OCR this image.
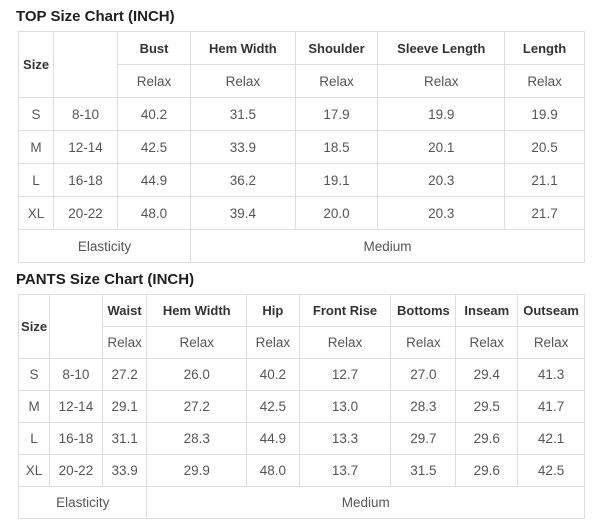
TOP Size Chart (INCH)
Size	UK Size	Bust	Hem Width	Shoulder	Sleeve Length	Length
		Relax	Relax	Relax	Relax	Relax
S	8-10	40.2	31.5	17.9	19.9	19.9
M	12-14	42.5	33.9	18.5	20.1	20.5
L	16-18	44.9	36.2	19.1	20.3	21.1
XL	20-22	48.0	39.4	20.0	20.3	21.7
Elasticity			Medium			
PANTS Size Chart (INCH)
Size	UK Size	Waist	Hem Width	Hip	Front Rise	Bottoms	Inseam	Outseam
		Relax	Relax	Relax	Relax	Relax	Relax	Relax
S	8-10	27.2	26.0	40.2	12.7	27.0	29.4	41.3
M	12-14	29.1	27.2	42.5	13.0	28.3	29.5	41.7
L	16-18	31.1	28.3	44.9	13.3	29.7	29.6	42.1
XL	20-22	33.9	29.9	48.0	13.7	31.5	29.6	42.5
Elasticity			Medium					
